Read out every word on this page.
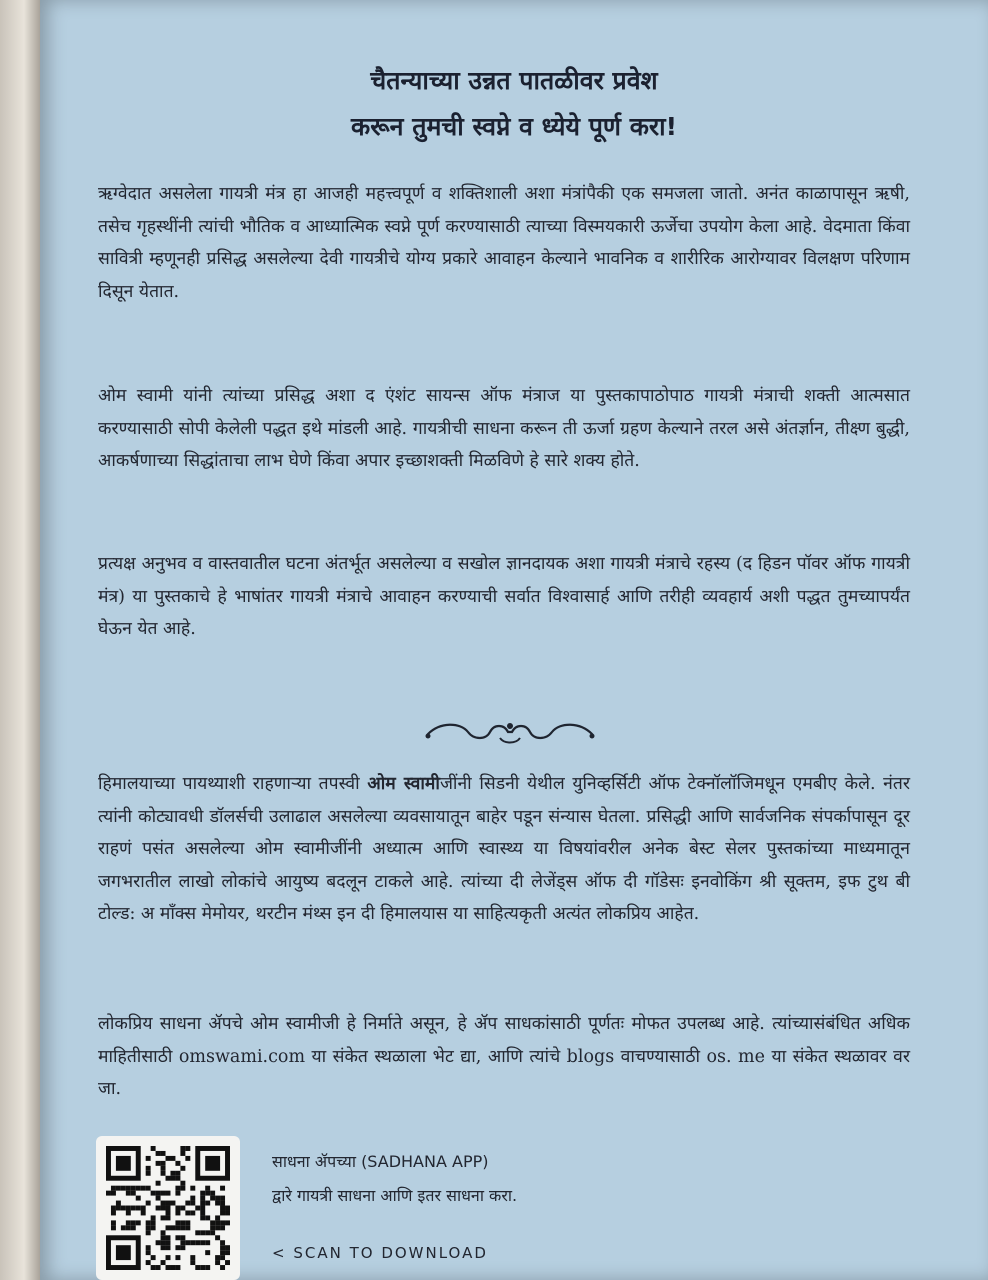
चैतन्याच्या उन्नत पातळीवर प्रवेश
करून तुमची स्वप्ने व ध्येये पूर्ण करा!
ऋग्वेदात असलेला गायत्री मंत्र हा आजही महत्त्वपूर्ण व शक्तिशाली अशा मंत्रांपैकी एक समजला जातो. अनंत काळापासून ऋषी, तसेच गृहस्थींनी त्यांची भौतिक व आध्यात्मिक स्वप्ने पूर्ण करण्यासाठी त्याच्या विस्मयकारी ऊर्जेचा उपयोग केला आहे. वेदमाता किंवा सावित्री म्हणूनही प्रसिद्ध असलेल्या देवी गायत्रीचे योग्य प्रकारे आवाहन केल्याने भावनिक व शारीरिक आरोग्यावर विलक्षण परिणाम दिसून येतात.
ओम स्वामी यांनी त्यांच्या प्रसिद्ध अशा द एंशंट सायन्स ऑफ मंत्राज या पुस्तकापाठोपाठ गायत्री मंत्राची शक्ती आत्मसात करण्यासाठी सोपी केलेली पद्धत इथे मांडली आहे. गायत्रीची साधना करून ती ऊर्जा ग्रहण केल्याने तरल असे अंतर्ज्ञान, तीक्ष्ण बुद्धी, आकर्षणाच्या सिद्धांताचा लाभ घेणे किंवा अपार इच्छाशक्ती मिळविणे हे सारे शक्य होते.
प्रत्यक्ष अनुभव व वास्तवातील घटना अंतर्भूत असलेल्या व सखोल ज्ञानदायक अशा गायत्री मंत्राचे रहस्य (द हिडन पॉवर ऑफ गायत्री मंत्र) या पुस्तकाचे हे भाषांतर गायत्री मंत्राचे आवाहन करण्याची सर्वात विश्वासार्ह आणि तरीही व्यवहार्य अशी पद्धत तुमच्यापर्यंत घेऊन येत आहे.
हिमालयाच्या पायथ्याशी राहणाऱ्या तपस्वी ओम स्वामीजींनी सिडनी येथील युनिव्हर्सिटी ऑफ टेक्नॉलॉजिमधून एमबीए केले. नंतर त्यांनी कोट्यावधी डॉलर्सची उलाढाल असलेल्या व्यवसायातून बाहेर पडून संन्यास घेतला. प्रसिद्धी आणि सार्वजनिक संपर्कापासून दूर राहणं पसंत असलेल्या ओम स्वामीजींनी अध्यात्म आणि स्वास्थ्य या विषयांवरील अनेक बेस्ट सेलर पुस्तकांच्या माध्यमातून जगभरातील लाखो लोकांचे आयुष्य बदलून टाकले आहे. त्यांच्या दी लेजेंड्स ऑफ दी गॉडेसः इनवोकिंग श्री सूक्तम, इफ टुथ बी टोल्ड: अ मॉंक्स मेमोयर, थरटीन मंथ्स इन दी हिमालयास या साहित्यकृती अत्यंत लोकप्रिय आहेत.
लोकप्रिय साधना ॲपचे ओम स्वामीजी हे निर्माते असून, हे ॲप साधकांसाठी पूर्णतः मोफत उपलब्ध आहे. त्यांच्यासंबंधित अधिक माहितीसाठी omswami.com या संकेत स्थळाला भेट द्या, आणि त्यांचे blogs वाचण्यासाठी os. me या संकेत स्थळावर वर जा.
साधना ॲपच्या (SADHANA APP)
द्वारे गायत्री साधना आणि इतर साधना करा.
< SCAN TO DOWNLOAD
